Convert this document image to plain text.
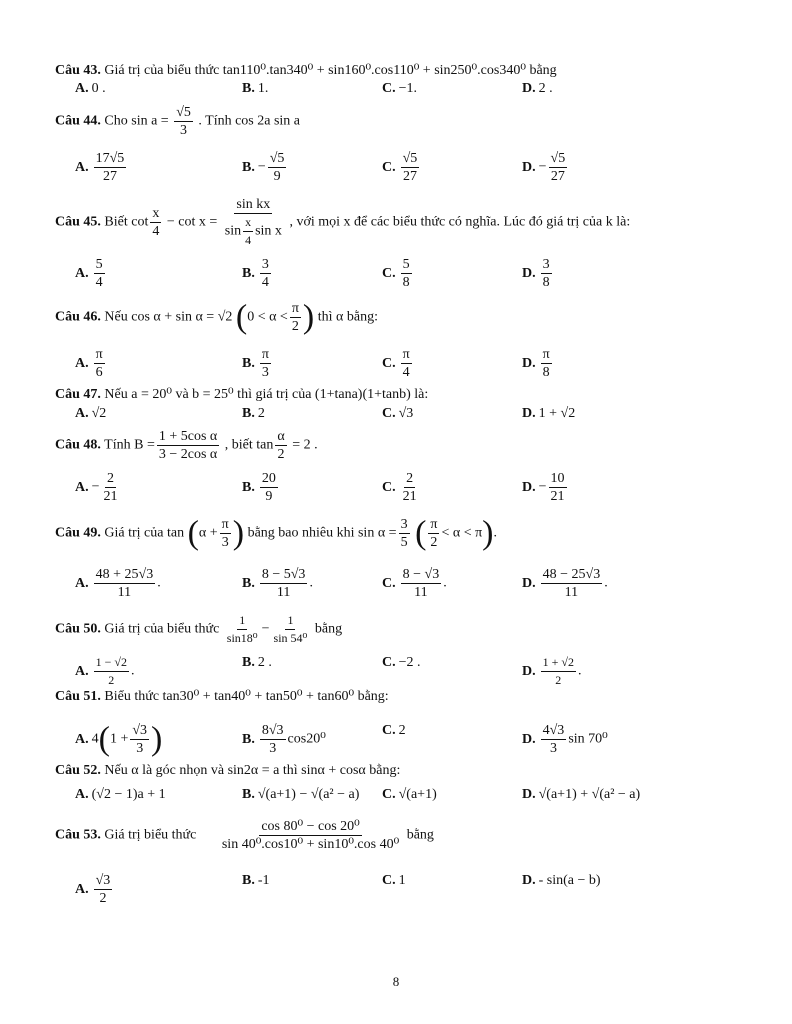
Câu 43. Giá trị của biểu thức tan110⁰.tan340⁰ + sin160⁰.cos110⁰ + sin250⁰.cos340⁰ bằng
A. 0 .	B. 1.	C. −1.	D. 2 .
Câu 44. Cho $\sin a = \frac{√5}{3}$ . Tính cos 2a sin a
A. $\frac{17√5}{27}$	B. − $\frac{√5}{9}$	C. $\frac{√5}{27}$	D. − $\frac{√5}{27}$
Câu 45. Biết $\cot \frac{x}{4} - \cot x = \frac{\text{sin kx}}{\sin \frac{x}{4} \sin x}$ , với mọi x để các biểu thức có nghĩa. Lúc đó giá trị của k là:
A. $\frac{5}{4}$	B. $\frac{3}{4}$	C. $\frac{5}{8}$	D. $\frac{3}{8}$
Câu 46. Nếu cos α + sin α = √2 ($0 < \alpha < \frac{\pi}{2}$ ) thì α bằng:
A. $\frac{\pi}{6}$	B. $\frac{\pi}{3}$	C. $\frac{\pi}{4}$	D. $\frac{\pi}{8}$
Câu 47. Nếu a = 20⁰ và b = 25⁰ thì giá trị của (1+tana)(1+tanb) là:
A. √2	B. 2	C. √3	D. 1 + √2
Câu 48. Tính $B = \frac{\text{1 + 5cos α}}{\text{3 − 2cos α}}$ , biết $\tan \frac{\alpha}{2} = 2$ .
A. − $\frac{2}{21}$	B. $\frac{20}{9}$	C. $\frac{2}{21}$	D. − $\frac{10}{21}$
Câu 49. Giá trị của $\tan (\alpha + \frac{\pi}{3}$ ) bằng bao nhiêu khi $\sin \alpha = \frac{3}{5}$ ( $\frac{\pi}{2} < \alpha < \pi$).
A. $\frac{48 + 25√3}{11}$ .	B. $\frac{8 - 5√3}{11}$ .	C. $\frac{8 - √3}{11}$ .	D. $\frac{48 - 25√3}{11}$ .
Câu 50. Giá trị của biểu thức $\frac{1}{\text{sin18⁰}} - \frac{1}{\text{sin 54⁰}}$ bằng
A. $\frac{1 - √2}{2}$ .
B. 2 .	C. −2 .
D. $\frac{1 + √2}{2}$ .
Câu 51. Biểu thức tan30⁰ + tan40⁰ + tan50⁰ + tan60⁰ bằng:
A. $4(1 + \frac{√3}{3}$ )	B. $\frac{8√3}{3} \cos 20^0$
C. 2
D. $\frac{4√3}{3}$ sin 70⁰
Câu 52. Nếu α là góc nhọn và sin2α = a thì sinα + cosα bằng:
A. (√2 − 1)a + 1	B. √(a+1) − √(a² − a) C. √(a+1)	D. √(a+1) + √(a² − a)
Câu 53. Giá trị biểu thức $\frac{\text{cos 80⁰ − cos 20⁰}}{\text{sin 40⁰.cos10⁰ + sin10⁰.cos 40⁰}}$ bằng
A. $\frac{√3}{2}$	B. -1	C. 1	D. - sin(a − b)
8
